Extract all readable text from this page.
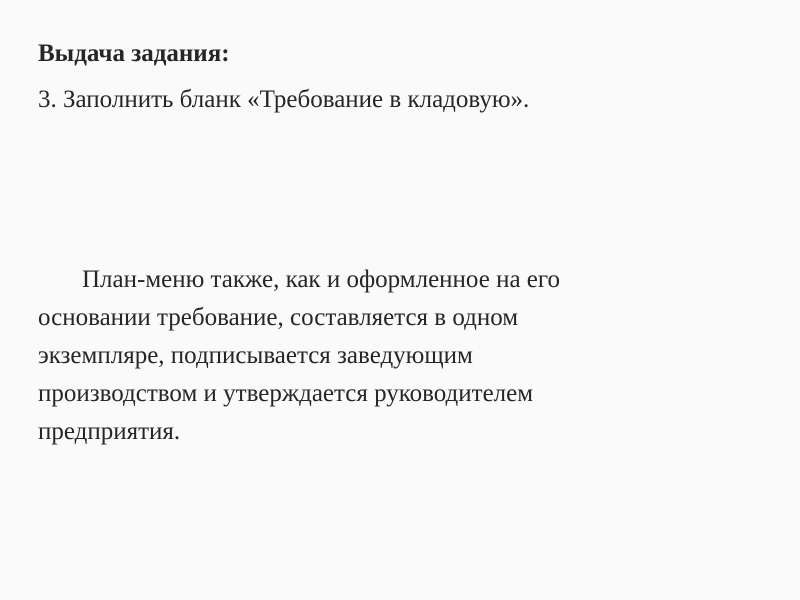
Выдача задания:
3. Заполнить бланк «Требование в кладовую».
План-меню также, как и оформленное на его
основании требование, составляется в одном
экземпляре, подписывается заведующим
производством и утверждается руководителем
предприятия.
